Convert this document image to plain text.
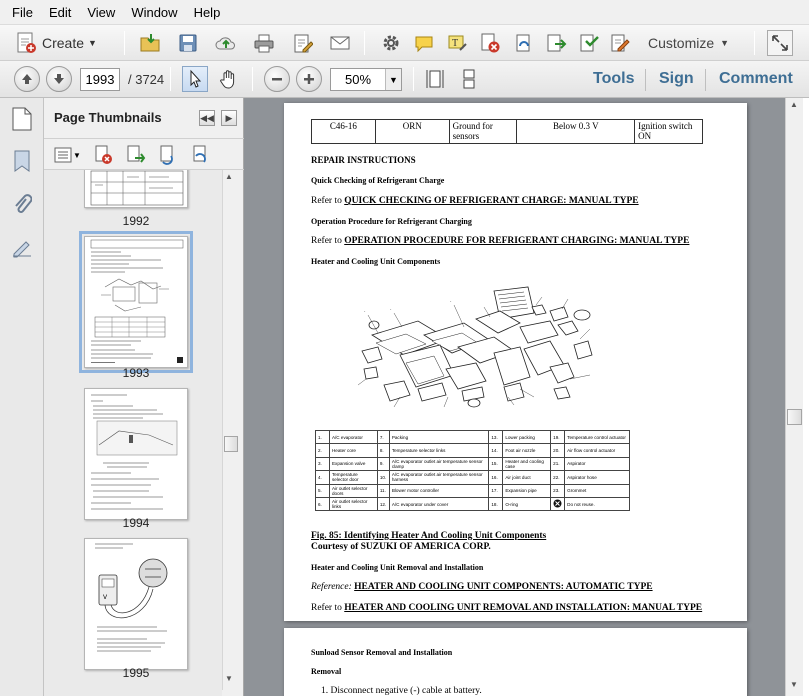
File	Edit	View	Window	Help
Create ▼	T	Customize ▼
1993
/ 3724	50%	▼	Tools Sign Comment
Page Thumbnails	◀◀	▶
▼
1992
1993
1994
V
1995
▲
▼
C46-16	ORN	Ground for sensors	Below 0.3 V	Ignition switch ON
REPAIR INSTRUCTIONS
Quick Checking of Refrigerant Charge
Refer to QUICK CHECKING OF REFRIGERANT CHARGE: MANUAL TYPE
Operation Procedure for Refrigerant Charging
Refer to OPERATION PROCEDURE FOR REFRIGERANT CHARGING: MANUAL TYPE
Heater and Cooling Unit Components
·	·
·
1.	A/C evaporator	7.	Packing	13.	Lower packing	19.	Temperature control actuator
2.	Heater core	8.	Temperature selector links	14.	Foot air nozzle	20.	Air flow control actuator
3.	Expansion valve	9.	A/C evaporator outlet air temperature sensor clamp	15.	Heater and cooling case	21.	Aspirator
4.	Temperature selector door	10.	A/C evaporator outlet air temperature sensor harness	16.	Air joint duct	22.	Aspirator hose
5.	Air outlet selector doors	11.	Blower motor controller	17.	Expansion pipe	23.	Grommet
6.	Air outlet selector links	12.	A/C evaporator under cover	18.	O-ring		Do not reuse.
Fig. 85: Identifying Heater And Cooling Unit Components
Courtesy of SUZUKI OF AMERICA CORP.
Heater and Cooling Unit Removal and Installation
Reference: HEATER AND COOLING UNIT COMPONENTS: AUTOMATIC TYPE
Refer to HEATER AND COOLING UNIT REMOVAL AND INSTALLATION: MANUAL TYPE
Sunload Sensor Removal and Installation
Removal
1. Disconnect negative (-) cable at battery.
▲
▼
